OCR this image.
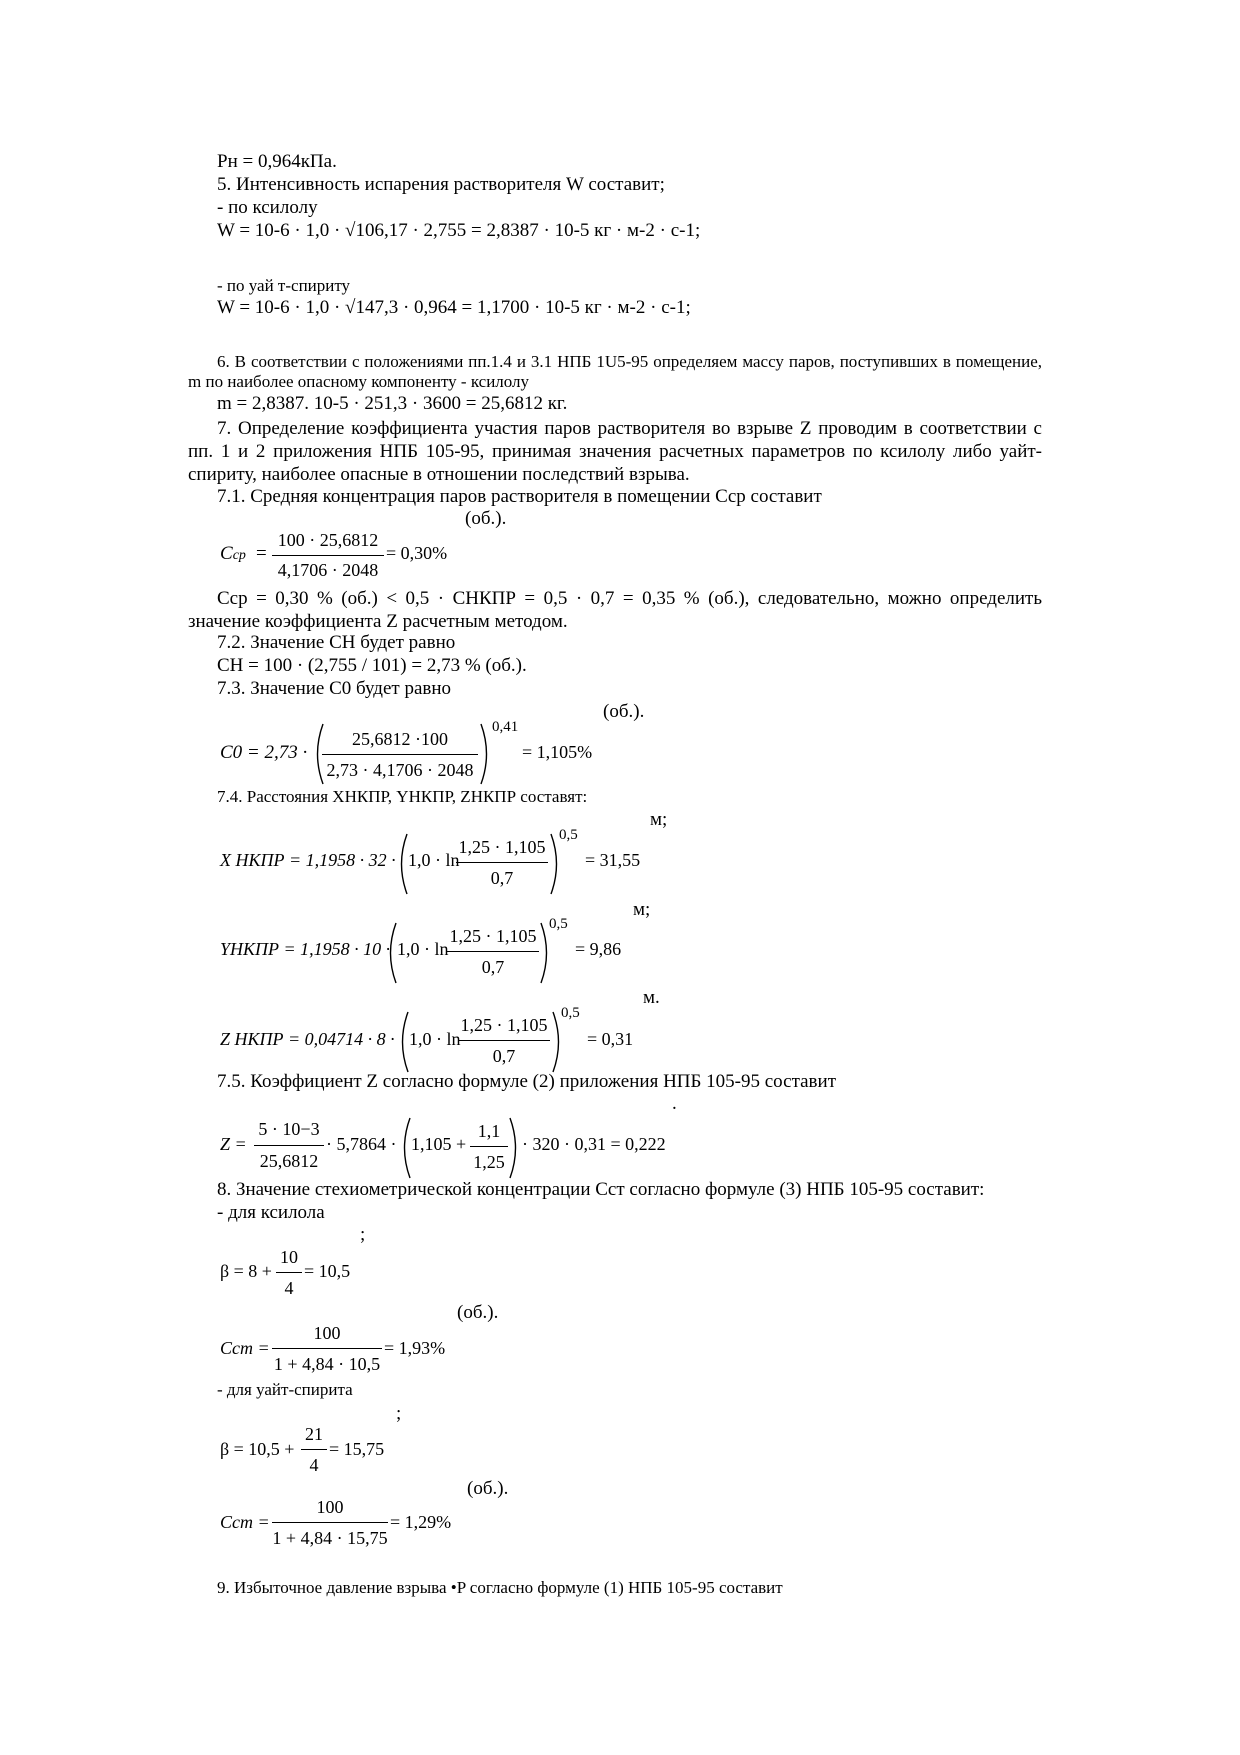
Pн = 0,964кПа.
5. Интенсивность испарения растворителя W составит;
- по ксилолу
W = 10-6 · 1,0 · √106,17 · 2,755 = 2,8387 · 10-5 кг · м-2 · с-1;
- по уай т-спириту
W = 10-6 · 1,0 · √147,3 · 0,964 = 1,1700 · 10-5 кг · м-2 · с-1;
6. В соответствии с положениями пп.1.4 и 3.1 НПБ 1U5-95 определяем массу паров, поступивших в помещение, m по наиболее опасному компоненту - ксилолу
m = 2,8387. 10-5 · 251,3 · 3600 = 25,6812 кг.
7. Определение коэффициента участия паров растворителя во взрыве Z проводим в соответствии с пп. 1 и 2 приложения НПБ 105-95, принимая значения расчетных параметров по ксилолу либо уайт-спириту, наиболее опасные в отношении последствий взрыва.
7.1. Средняя концентрация паров растворителя в помещении Cср составит
(об.).
Ccp =
100 · 25,6812
4,1706 · 2048
= 0,30%
Cср = 0,30 % (об.) < 0,5 · CНКПР = 0,5 · 0,7 = 0,35 % (об.), следовательно, можно определить значение коэффициента Z расчетным методом.
7.2. Значение CН будет равно
CН = 100 · (2,755 / 101) = 2,73 % (об.).
7.3. Значение C0 будет равно
(об.).
C0 = 2,73 ·
25,6812 ·100
2,73 · 4,1706 · 2048
0,41
= 1,105%
7.4. Расстояния XНКПР, YНКПР, ZНКПР составят:
м;
X НКПР = 1,1958 · 32 · 1,0 · ln
1,25 · 1,105
0,7
0,5
= 31,55
м;
YНКПР = 1,1958 · 10 · 1,0 · ln
1,25 · 1,105
0,7
0,5
= 9,86
м.
Z НКПР = 0,04714 · 8 · 1,0 · ln
1,25 · 1,105
0,7
0,5
= 0,31
7.5. Коэффициент Z согласно формуле (2) приложения НПБ 105-95 составит
.
Z =
5 · 10−3
25,6812
· 5,7864 · 1,105 +
1,1
1,25
· 320 · 0,31 = 0,222
8. Значение стехиометрической концентрации Cст согласно формуле (3) НПБ 105-95 составит:
- для ксилола
;
β = 8 +
10
4
= 10,5
(об.).
Cст =
100
1 + 4,84 · 10,5
= 1,93%
- для уайт-спирита
;
β = 10,5 +
21
4
= 15,75
(об.).
Cст =
100
1 + 4,84 · 15,75
= 1,29%
9. Избыточное давление взрыва •P согласно формуле (1) НПБ 105-95 составит
